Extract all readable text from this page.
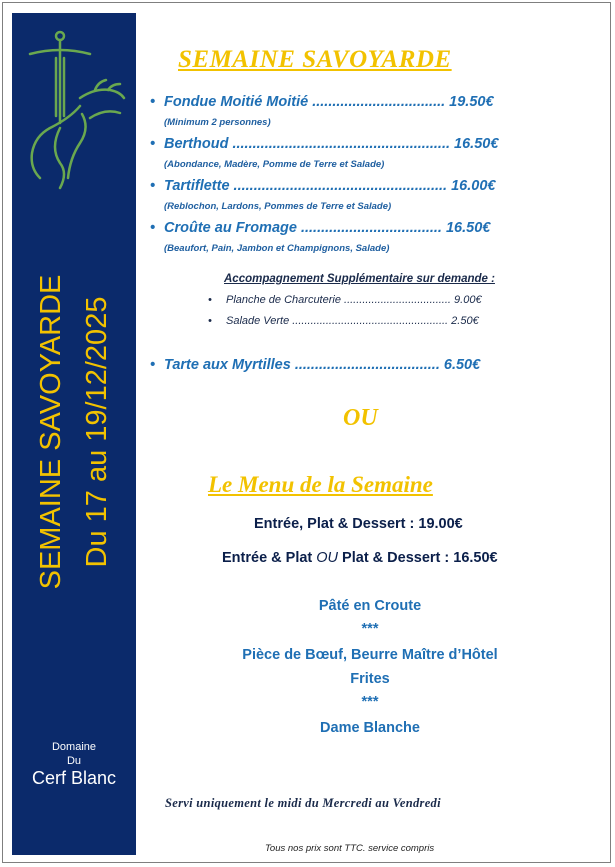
SEMAINE SAVOYARDE Du 17 au 19/12/2025
Domaine
Du
Cerf Blanc
SEMAINE SAVOYARDE
• Fondue Moitié Moitié ................................. 19.50€
(Minimum 2 personnes)
• Berthoud ...................................................... 16.50€
(Abondance, Madère, Pomme de Terre et Salade)
• Tartiflette ..................................................... 16.00€
(Reblochon, Lardons, Pommes de Terre et Salade)
• Croûte au Fromage ................................... 16.50€
(Beaufort, Pain, Jambon et Champignons, Salade)
Accompagnement Supplémentaire sur demande :
• Planche de Charcuterie ................................... 9.00€
• Salade Verte ................................................... 2.50€
• Tarte aux Myrtilles .................................... 6.50€
OU
Le Menu de la Semaine
Entrée, Plat & Dessert : 19.00€
Entrée & Plat OU Plat & Dessert : 16.50€
Pâté en Croute
***
Pièce de Bœuf, Beurre Maître d’Hôtel
Frites
***
Dame Blanche
Servi uniquement le midi du Mercredi au Vendredi
Tous nos prix sont TTC. service compris
